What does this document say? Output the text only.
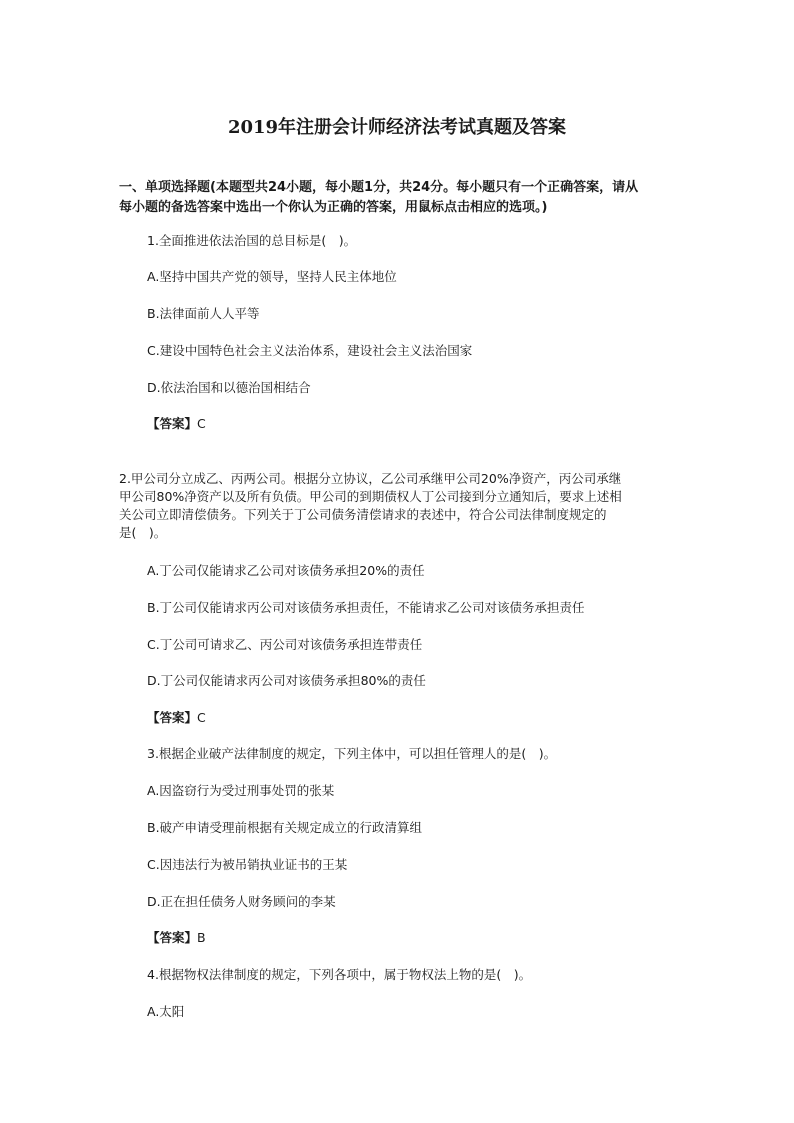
2019年注册会计师经济法考试真题及答案
一、单项选择题(本题型共24小题，每小题1分，共24分。每小题只有一个正确答案，请从
每小题的备选答案中选出一个你认为正确的答案，用鼠标点击相应的选项。)
1.全面推进依法治国的总目标是(　)。
A.坚持中国共产党的领导，坚持人民主体地位
B.法律面前人人平等
C.建设中国特色社会主义法治体系，建设社会主义法治国家
D.依法治国和以德治国相结合
【答案】C
2.甲公司分立成乙、丙两公司。根据分立协议，乙公司承继甲公司20%净资产，丙公司承继
甲公司80%净资产以及所有负债。甲公司的到期债权人丁公司接到分立通知后，要求上述相
关公司立即清偿债务。下列关于丁公司债务清偿请求的表述中，符合公司法律制度规定的
是(　)。
A.丁公司仅能请求乙公司对该债务承担20%的责任
B.丁公司仅能请求丙公司对该债务承担责任，不能请求乙公司对该债务承担责任
C.丁公司可请求乙、丙公司对该债务承担连带责任
D.丁公司仅能请求丙公司对该债务承担80%的责任
【答案】C
3.根据企业破产法律制度的规定，下列主体中，可以担任管理人的是(　)。
A.因盗窃行为受过刑事处罚的张某
B.破产申请受理前根据有关规定成立的行政清算组
C.因违法行为被吊销执业证书的王某
D.正在担任债务人财务顾问的李某
【答案】B
4.根据物权法律制度的规定，下列各项中，属于物权法上物的是(　)。
A.太阳
